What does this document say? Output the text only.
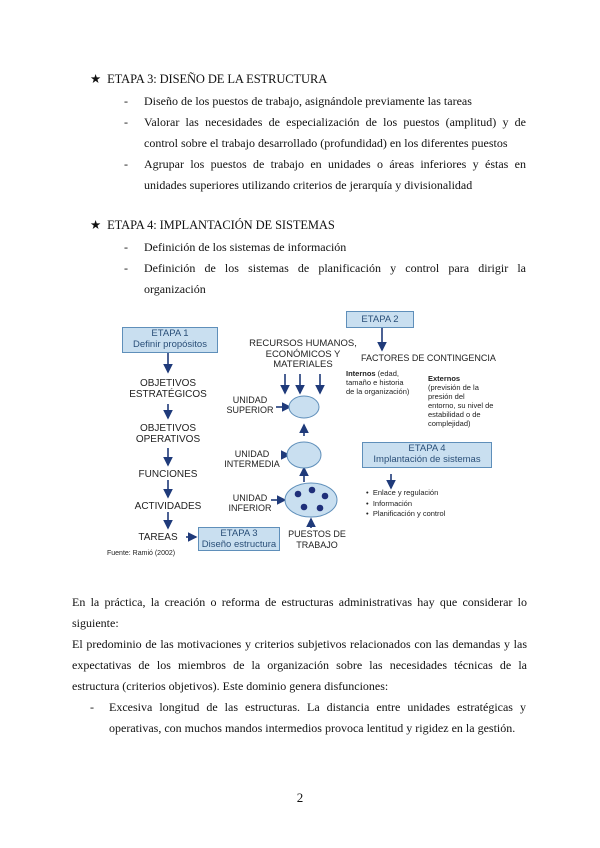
★ ETAPA 3: DISEÑO DE LA ESTRUCTURA
- Diseño de los puestos de trabajo, asignándole previamente las tareas
- Valorar las necesidades de especialización de los puestos (amplitud) y de control sobre el trabajo desarrollado (profundidad) en los diferentes puestos
- Agrupar los puestos de trabajo en unidades o áreas inferiores y éstas en unidades superiores utilizando criterios de jerarquía y divisionalidad
★ ETAPA 4: IMPLANTACIÓN DE SISTEMAS
- Definición de los sistemas de información
- Definición de los sistemas de planificación y control para dirigir la organización
ETAPA 1
Definir propósitos
OBJETIVOS
ESTRATÉGICOS
OBJETIVOS
OPERATIVOS
FUNCIONES
ACTIVIDADES
TAREAS
Fuente: Ramió (2002)
ETAPA 3
Diseño estructura
RECURSOS HUMANOS,
ECONÓMICOS Y
MATERIALES
UNIDAD
SUPERIOR
UNIDAD
INTERMEDIA
UNIDAD
INFERIOR
PUESTOS DE
TRABAJO
ETAPA 2
FACTORES DE CONTINGENCIA
Internos (edad,
tamaño e historia
de la organización)
Externos
(previsión de la
presión del
entorno, su nivel de
estabilidad o de
complejidad)
ETAPA 4
Implantación de sistemas
• Enlace y regulación
• Información
• Planificación y control
En la práctica, la creación o reforma de estructuras administrativas hay que considerar lo siguiente:
El predominio de las motivaciones y criterios subjetivos relacionados con las demandas y las expectativas de los miembros de la organización sobre las necesidades técnicas de la estructura (criterios objetivos). Este dominio genera disfunciones:
- Excesiva longitud de las estructuras. La distancia entre unidades estratégicas y operativas, con muchos mandos intermedios provoca lentitud y rigidez en la gestión.
2
